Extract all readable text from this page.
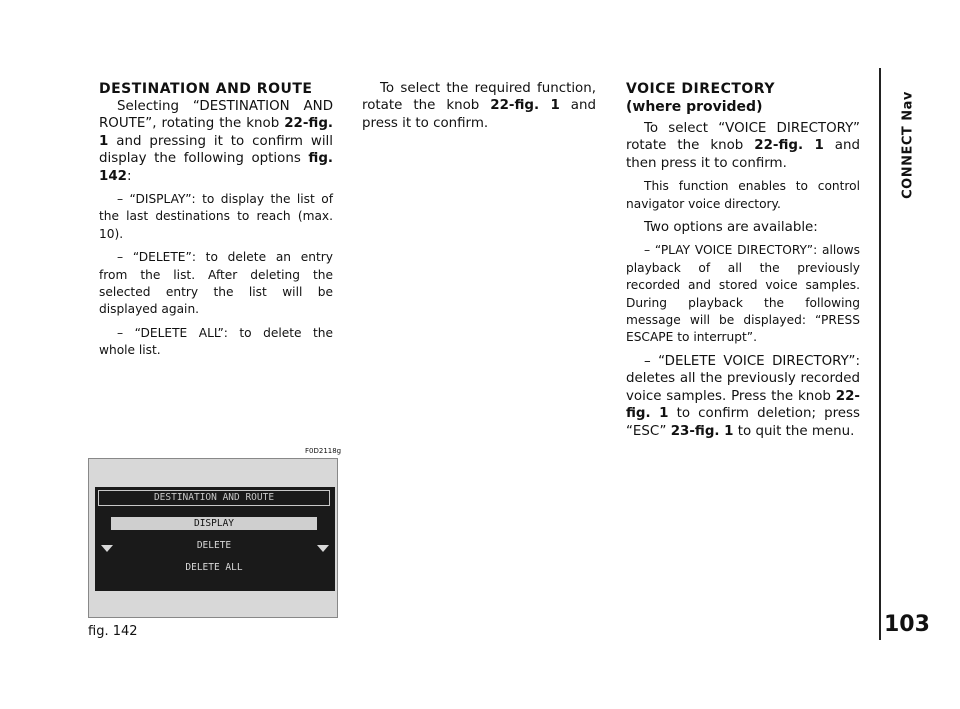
DESTINATION AND ROUTE

Selecting “DESTINATION AND ROUTE”, rotating the knob 22-fig. 1 and pressing it to confirm will display the following options fig. 142:

– “DISPLAY”: to display the list of the last destinations to reach (max. 10).

– “DELETE”: to delete an entry from the list. After deleting the selected entry the list will be displayed again.

– “DELETE ALL”: to delete the whole list.

To select the required function, rotate the knob 22-fig. 1 and press it to confirm.

VOICE DIRECTORY
(where provided)

To select “VOICE DIRECTORY” rotate the knob 22-fig. 1 and then press it to confirm.

This function enables to control navigator voice directory.

Two options are available:

– “PLAY VOICE DIRECTORY”: allows playback of all the previously recorded and stored voice samples. During playback the following message will be displayed: “PRESS ESCAPE to interrupt”.

– “DELETE VOICE DIRECTORY”: deletes all the previously recorded voice samples. Press the knob 22-fig. 1 to confirm deletion; press “ESC” 23-fig. 1 to quit the menu.

CONNECT Nav
103
F0D2118g
DESTINATION AND ROUTE
DISPLAY
DELETE
DELETE ALL
fig. 142
